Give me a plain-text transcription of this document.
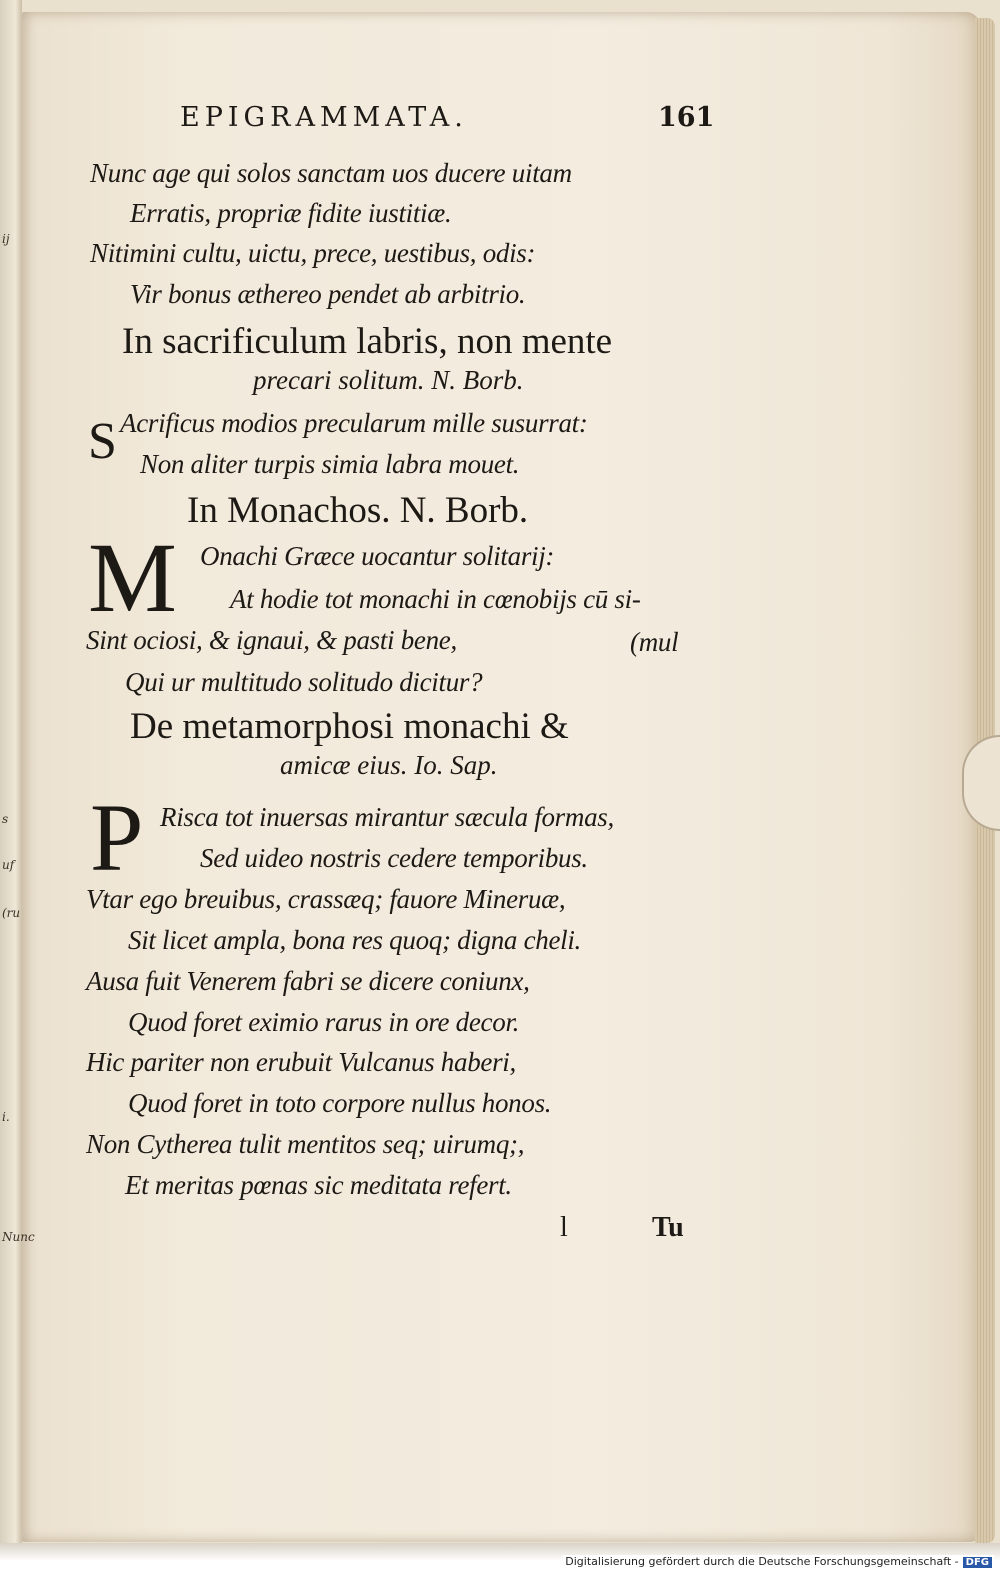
ij
s
uf
(ru
i.
Nunc
EPIGRAMMATA.	161
Nunc age qui solos sanctam uos ducere uitam
Erratis, propriæ fidite iustitiæ.
Nitimini cultu, uictu, prece, uestibus, odis:
Vir bonus æthereo pendet ab arbitrio.
In sacrificulum labris, non mente
precari solitum. N. Borb.
S Acrificus modios precularum mille susurrat:
Non aliter turpis simia labra mouet.
In Monachos. N. Borb.
M Onachi Græce uocantur solitarij:
At hodie tot monachi in cœnobijs cū si-
Sint ociosi, & ignaui, & pasti bene,	(mul
Qui ur multitudo solitudo dicitur?
De metamorphosi monachi &
amicæ eius. Io. Sap.
P Risca tot inuersas mirantur sæcula formas,
Sed uideo nostris cedere temporibus.
Vtar ego breuibus, crassæq; fauore Mineruæ,
Sit licet ampla, bona res quoq; digna cheli.
Ausa fuit Venerem fabri se dicere coniunx,
Quod foret eximio rarus in ore decor.
Hic pariter non erubuit Vulcanus haberi,
Quod foret in toto corpore nullus honos.
Non Cytherea tulit mentitos seq; uirumq;,
Et meritas pœnas sic meditata refert.
l	Tu
Digitalisierung gefördert durch die Deutsche Forschungsgemeinschaft - DFG
